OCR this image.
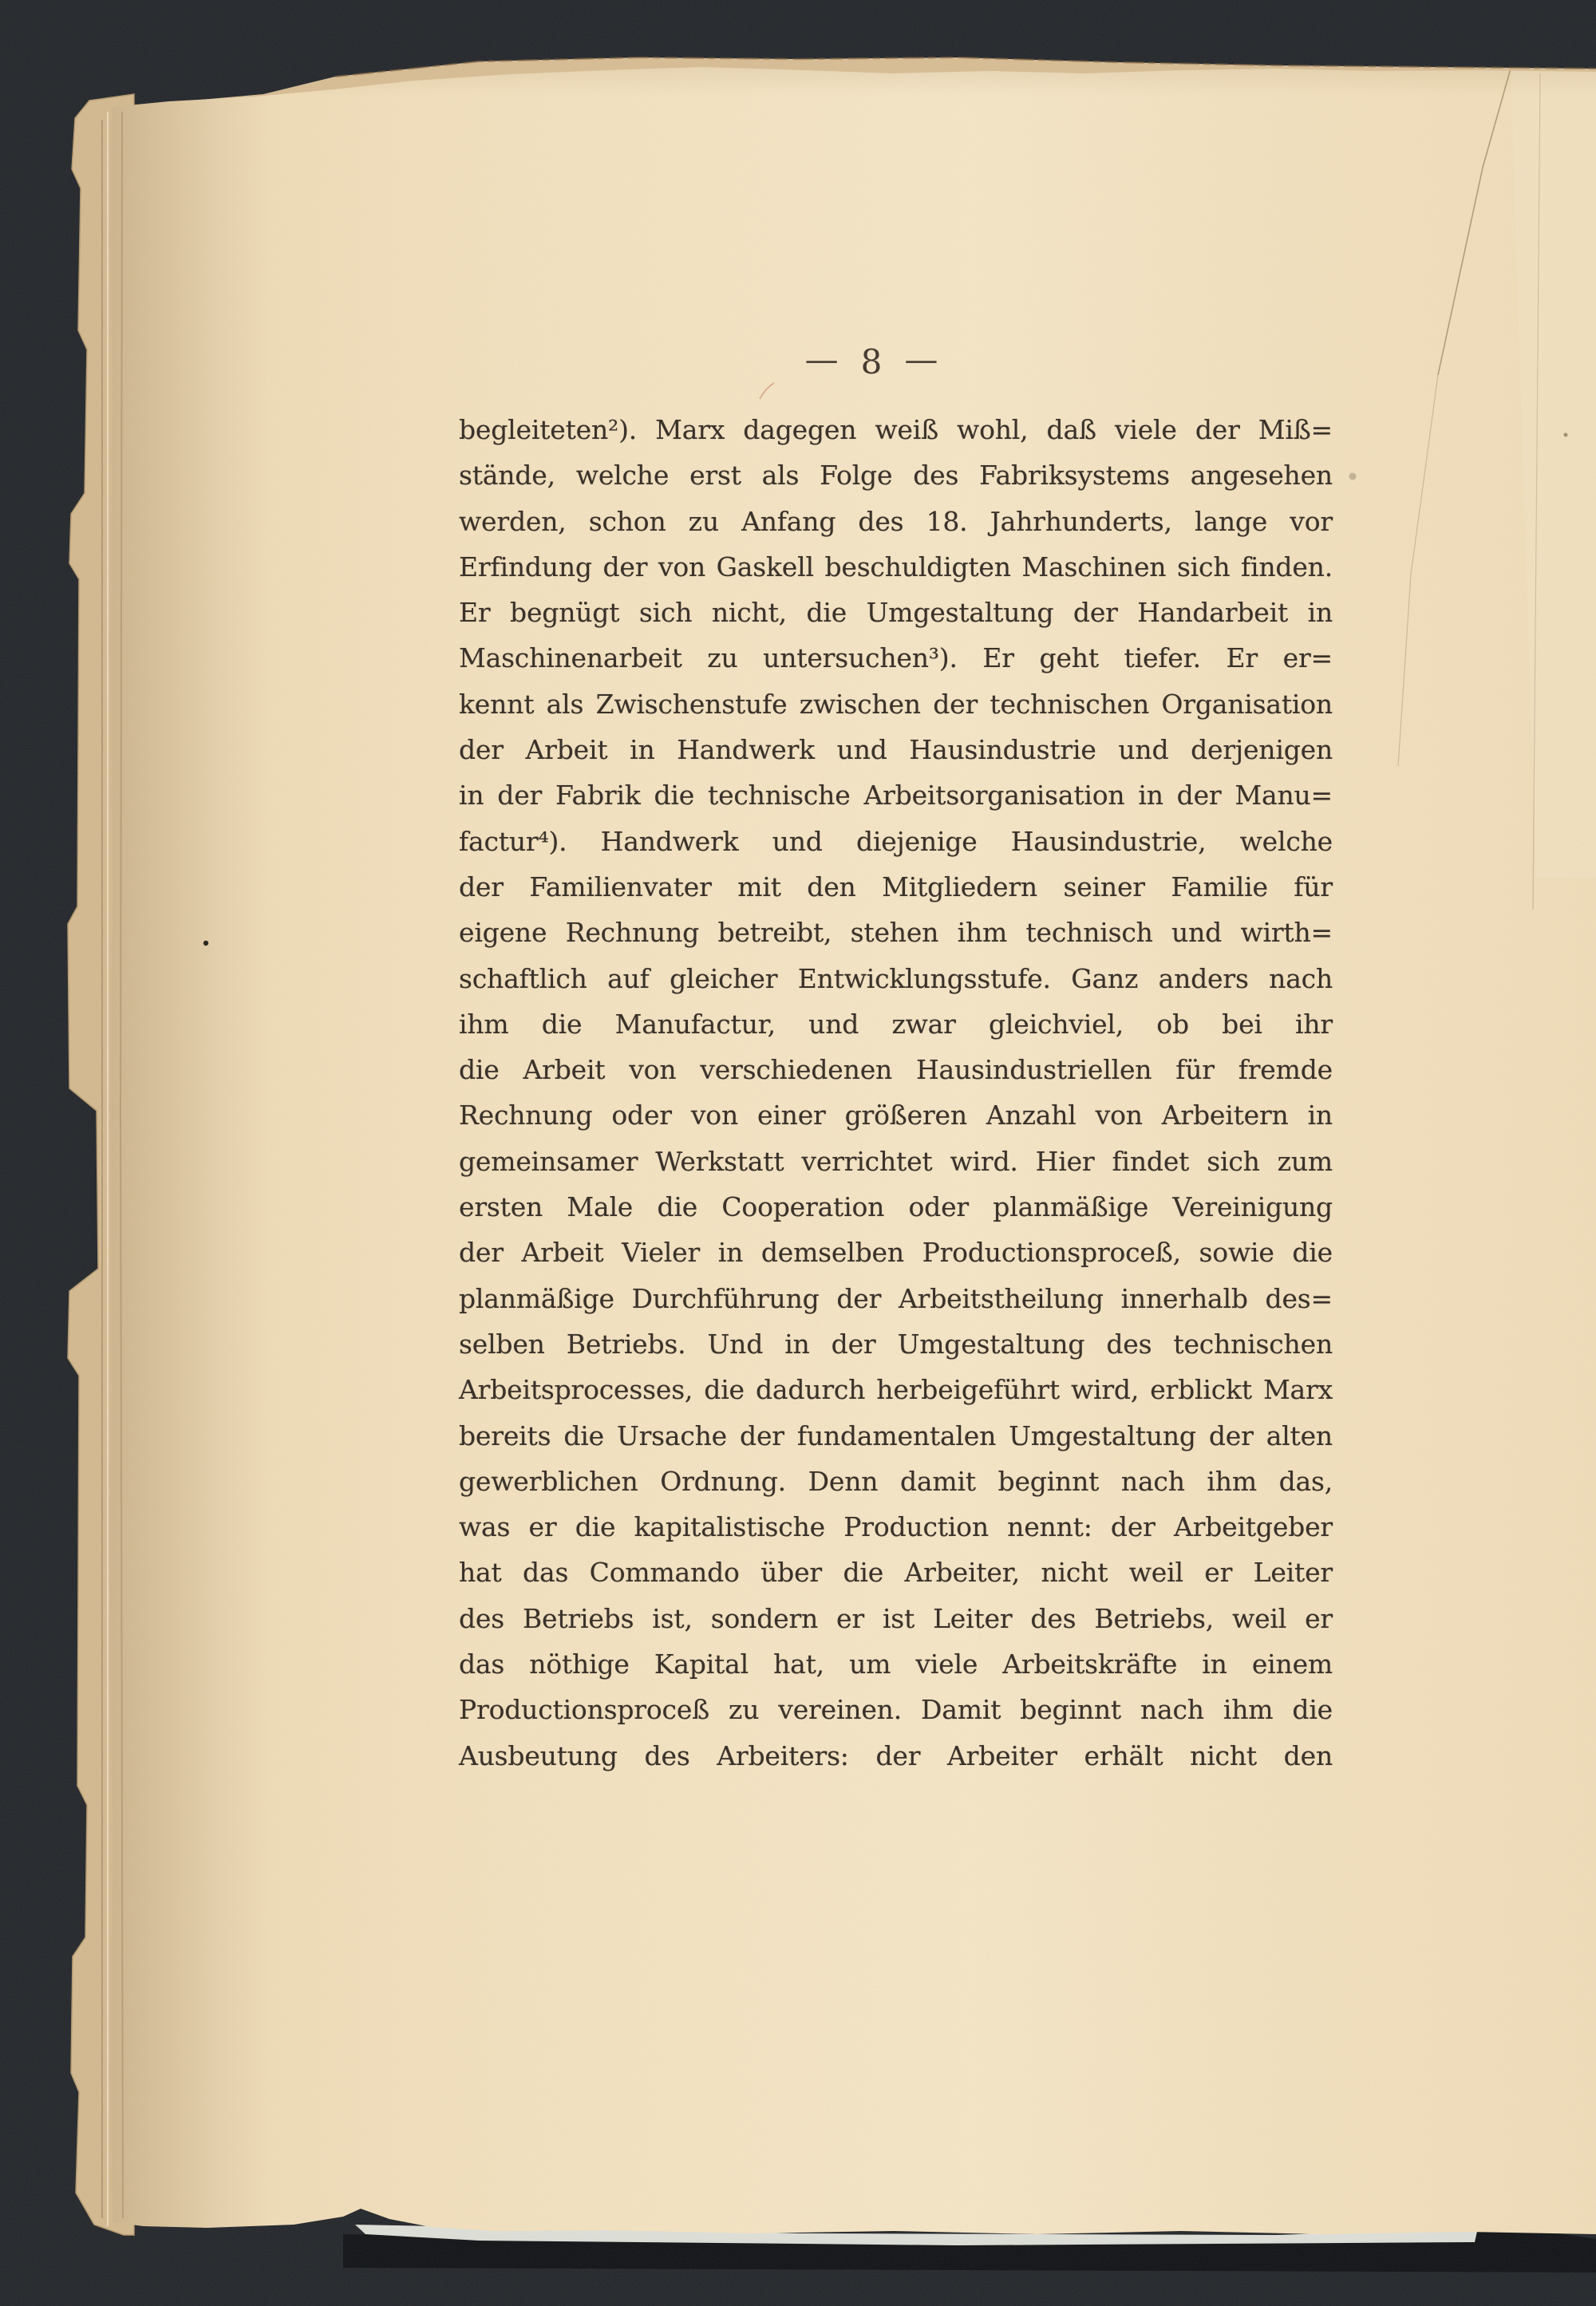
— 8 —
begleiteten²). Marx dagegen weiß wohl, daß viele der Miß=
stände, welche erst als Folge des Fabriksystems angesehen
werden, schon zu Anfang des 18. Jahrhunderts, lange vor
Erfindung der von Gaskell beschuldigten Maschinen sich finden.
Er begnügt sich nicht, die Umgestaltung der Handarbeit in
Maschinenarbeit zu untersuchen³). Er geht tiefer. Er er=
kennt als Zwischenstufe zwischen der technischen Organisation
der Arbeit in Handwerk und Hausindustrie und derjenigen
in der Fabrik die technische Arbeitsorganisation in der Manu=
factur⁴). Handwerk und diejenige Hausindustrie, welche
der Familienvater mit den Mitgliedern seiner Familie für
eigene Rechnung betreibt, stehen ihm technisch und wirth=
schaftlich auf gleicher Entwicklungsstufe. Ganz anders nach
ihm die Manufactur, und zwar gleichviel, ob bei ihr
die Arbeit von verschiedenen Hausindustriellen für fremde
Rechnung oder von einer größeren Anzahl von Arbeitern in
gemeinsamer Werkstatt verrichtet wird. Hier findet sich zum
ersten Male die Cooperation oder planmäßige Vereinigung
der Arbeit Vieler in demselben Productionsproceß, sowie die
planmäßige Durchführung der Arbeitstheilung innerhalb des=
selben Betriebs. Und in der Umgestaltung des technischen
Arbeitsprocesses, die dadurch herbeigeführt wird, erblickt Marx
bereits die Ursache der fundamentalen Umgestaltung der alten
gewerblichen Ordnung. Denn damit beginnt nach ihm das,
was er die kapitalistische Production nennt: der Arbeitgeber
hat das Commando über die Arbeiter, nicht weil er Leiter
des Betriebs ist, sondern er ist Leiter des Betriebs, weil er
das nöthige Kapital hat, um viele Arbeitskräfte in einem
Productionsproceß zu vereinen. Damit beginnt nach ihm die
Ausbeutung des Arbeiters: der Arbeiter erhält nicht den
